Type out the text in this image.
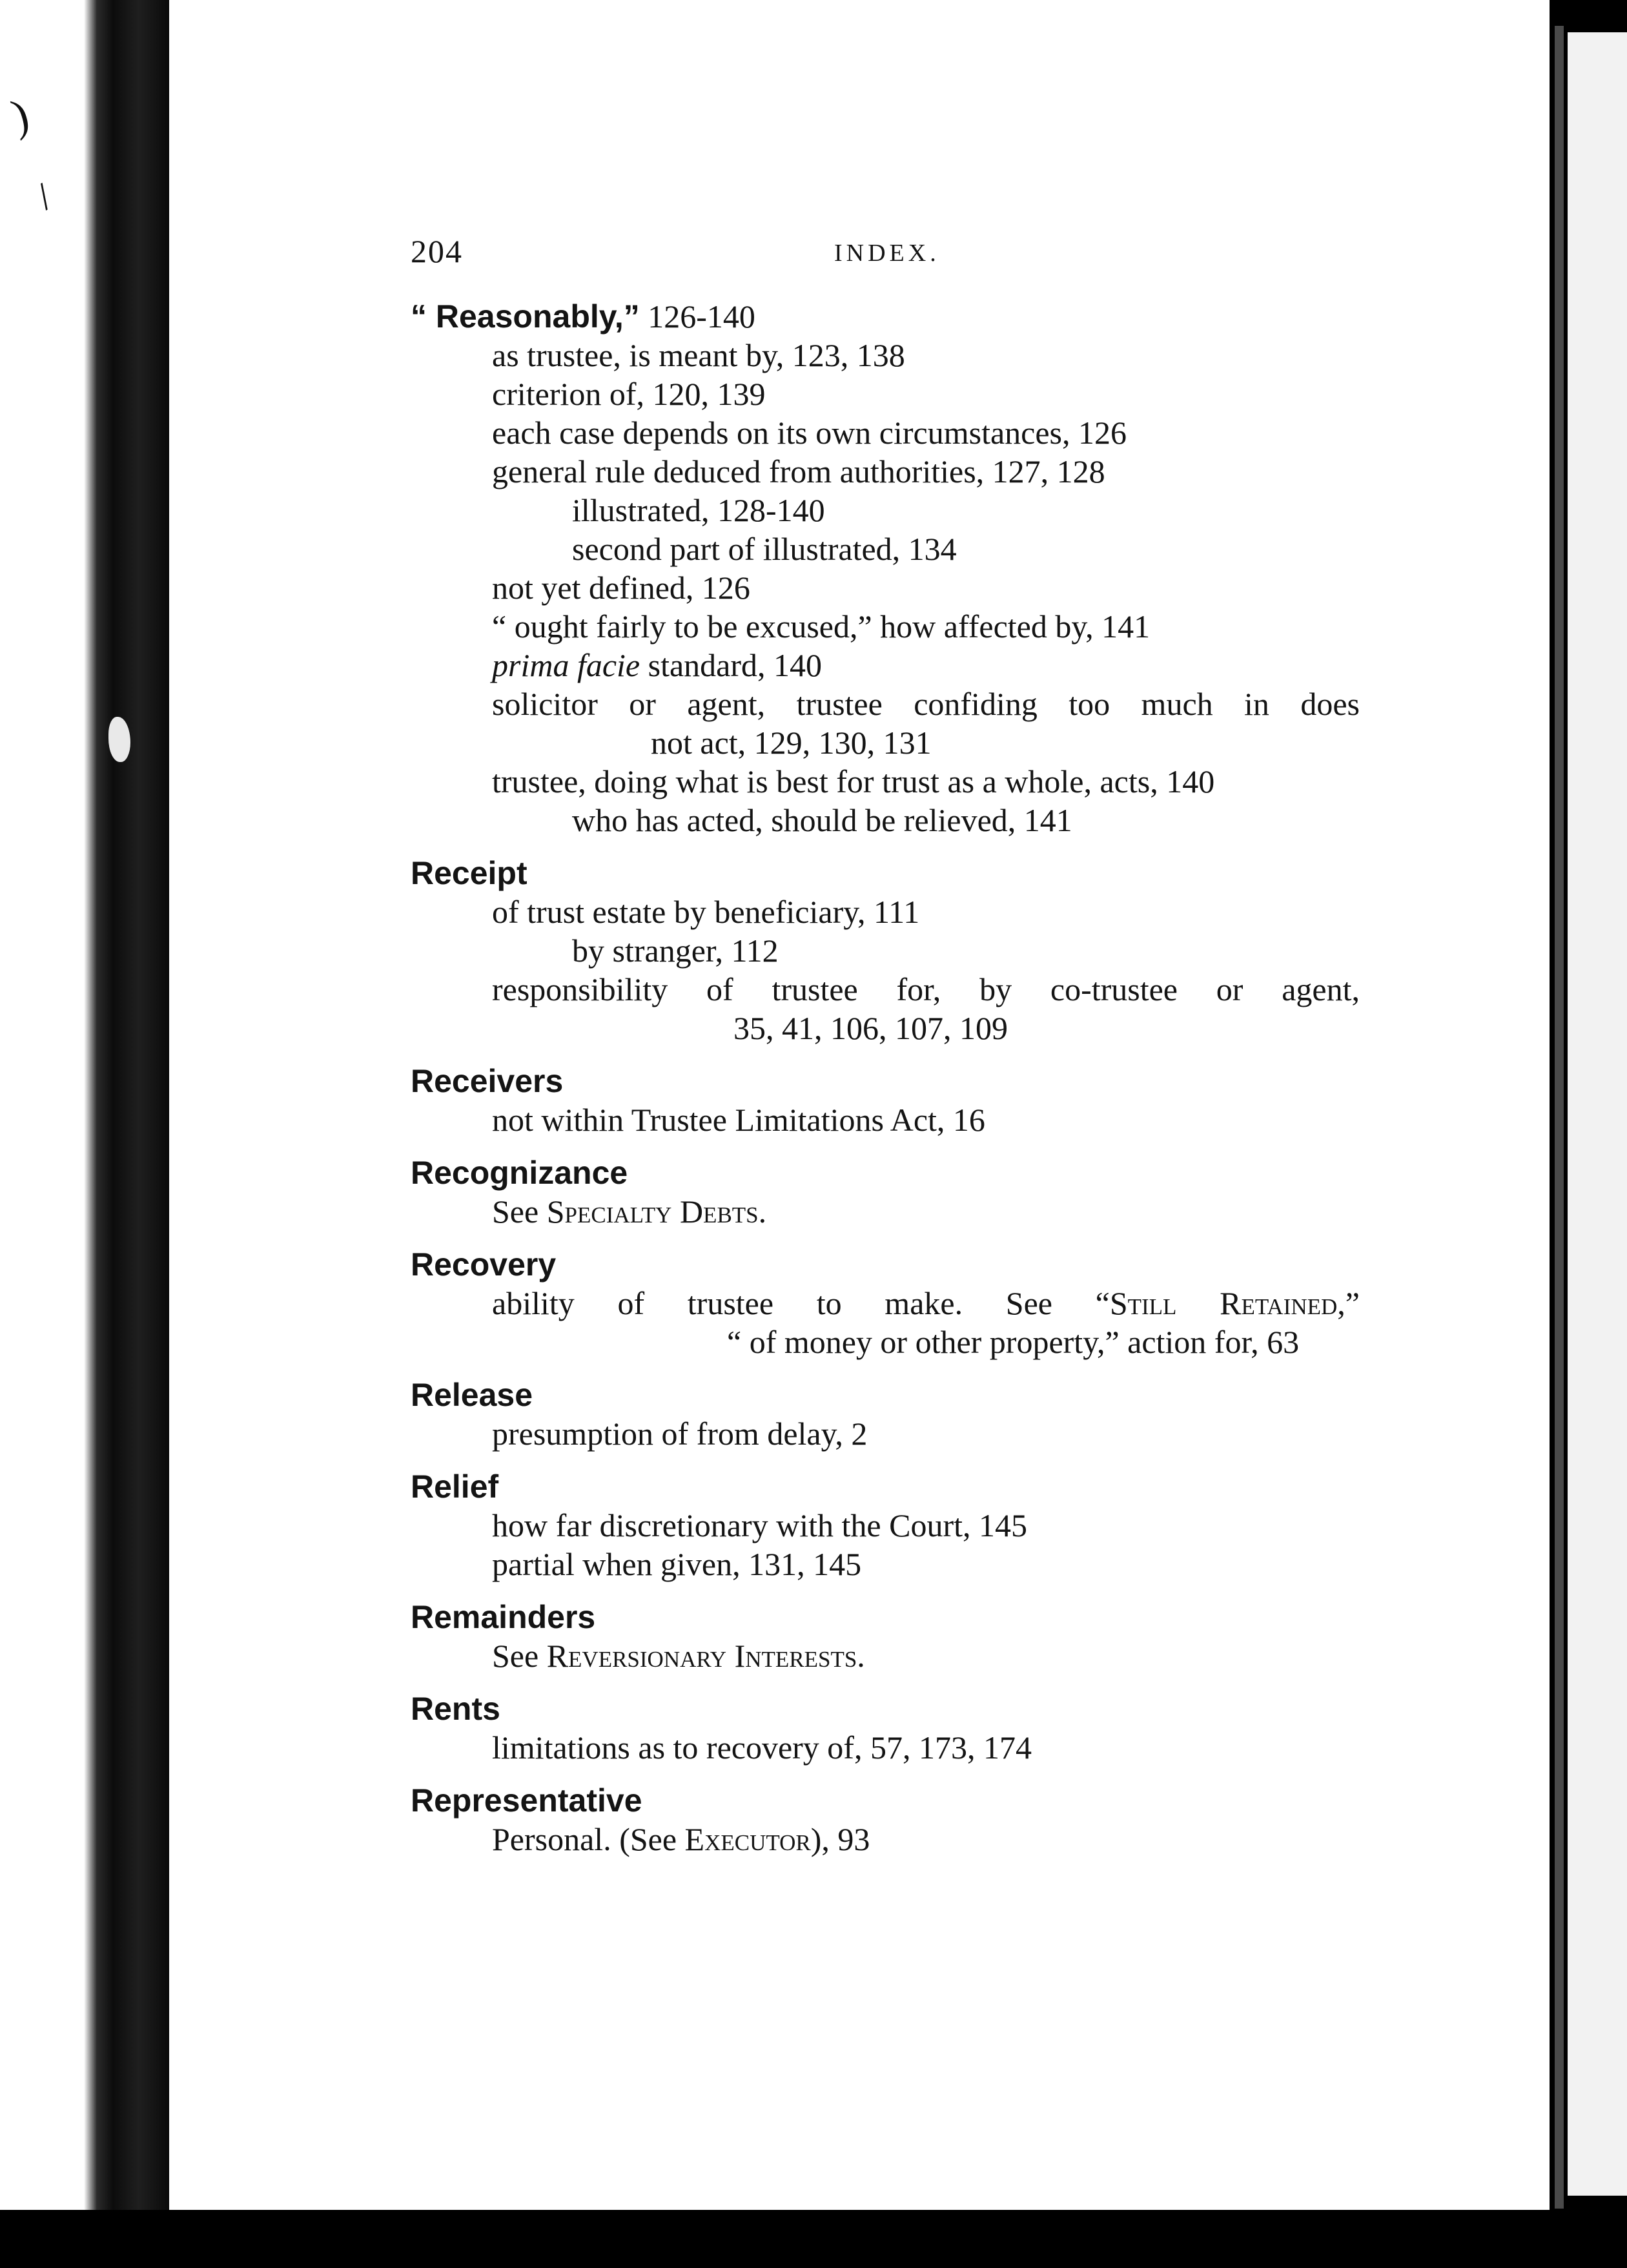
)
/
204	INDEX.
“ Reasonably,” 126-140
as trustee, is meant by, 123, 138
criterion of, 120, 139
each case depends on its own circumstances, 126
general rule deduced from authorities, 127, 128
illustrated, 128-140
second part of illustrated, 134
not yet defined, 126
“ ought fairly to be excused,” how affected by, 141
prima facie standard, 140
solicitor or agent, trustee confiding too much in does
not act, 129, 130, 131
trustee, doing what is best for trust as a whole, acts, 140
who has acted, should be relieved, 141
Receipt
of trust estate by beneficiary, 111
by stranger, 112
responsibility of trustee for, by co-trustee or agent,
35, 41, 106, 107, 109
Receivers
not within Trustee Limitations Act, 16
Recognizance
See Specialty Debts.
Recovery
ability of trustee to make. See “Still Retained,”
“ of money or other property,” action for, 63
Release
presumption of from delay, 2
Relief
how far discretionary with the Court, 145
partial when given, 131, 145
Remainders
See Reversionary Interests.
Rents
limitations as to recovery of, 57, 173, 174
Representative
Personal. (See Executor), 93
